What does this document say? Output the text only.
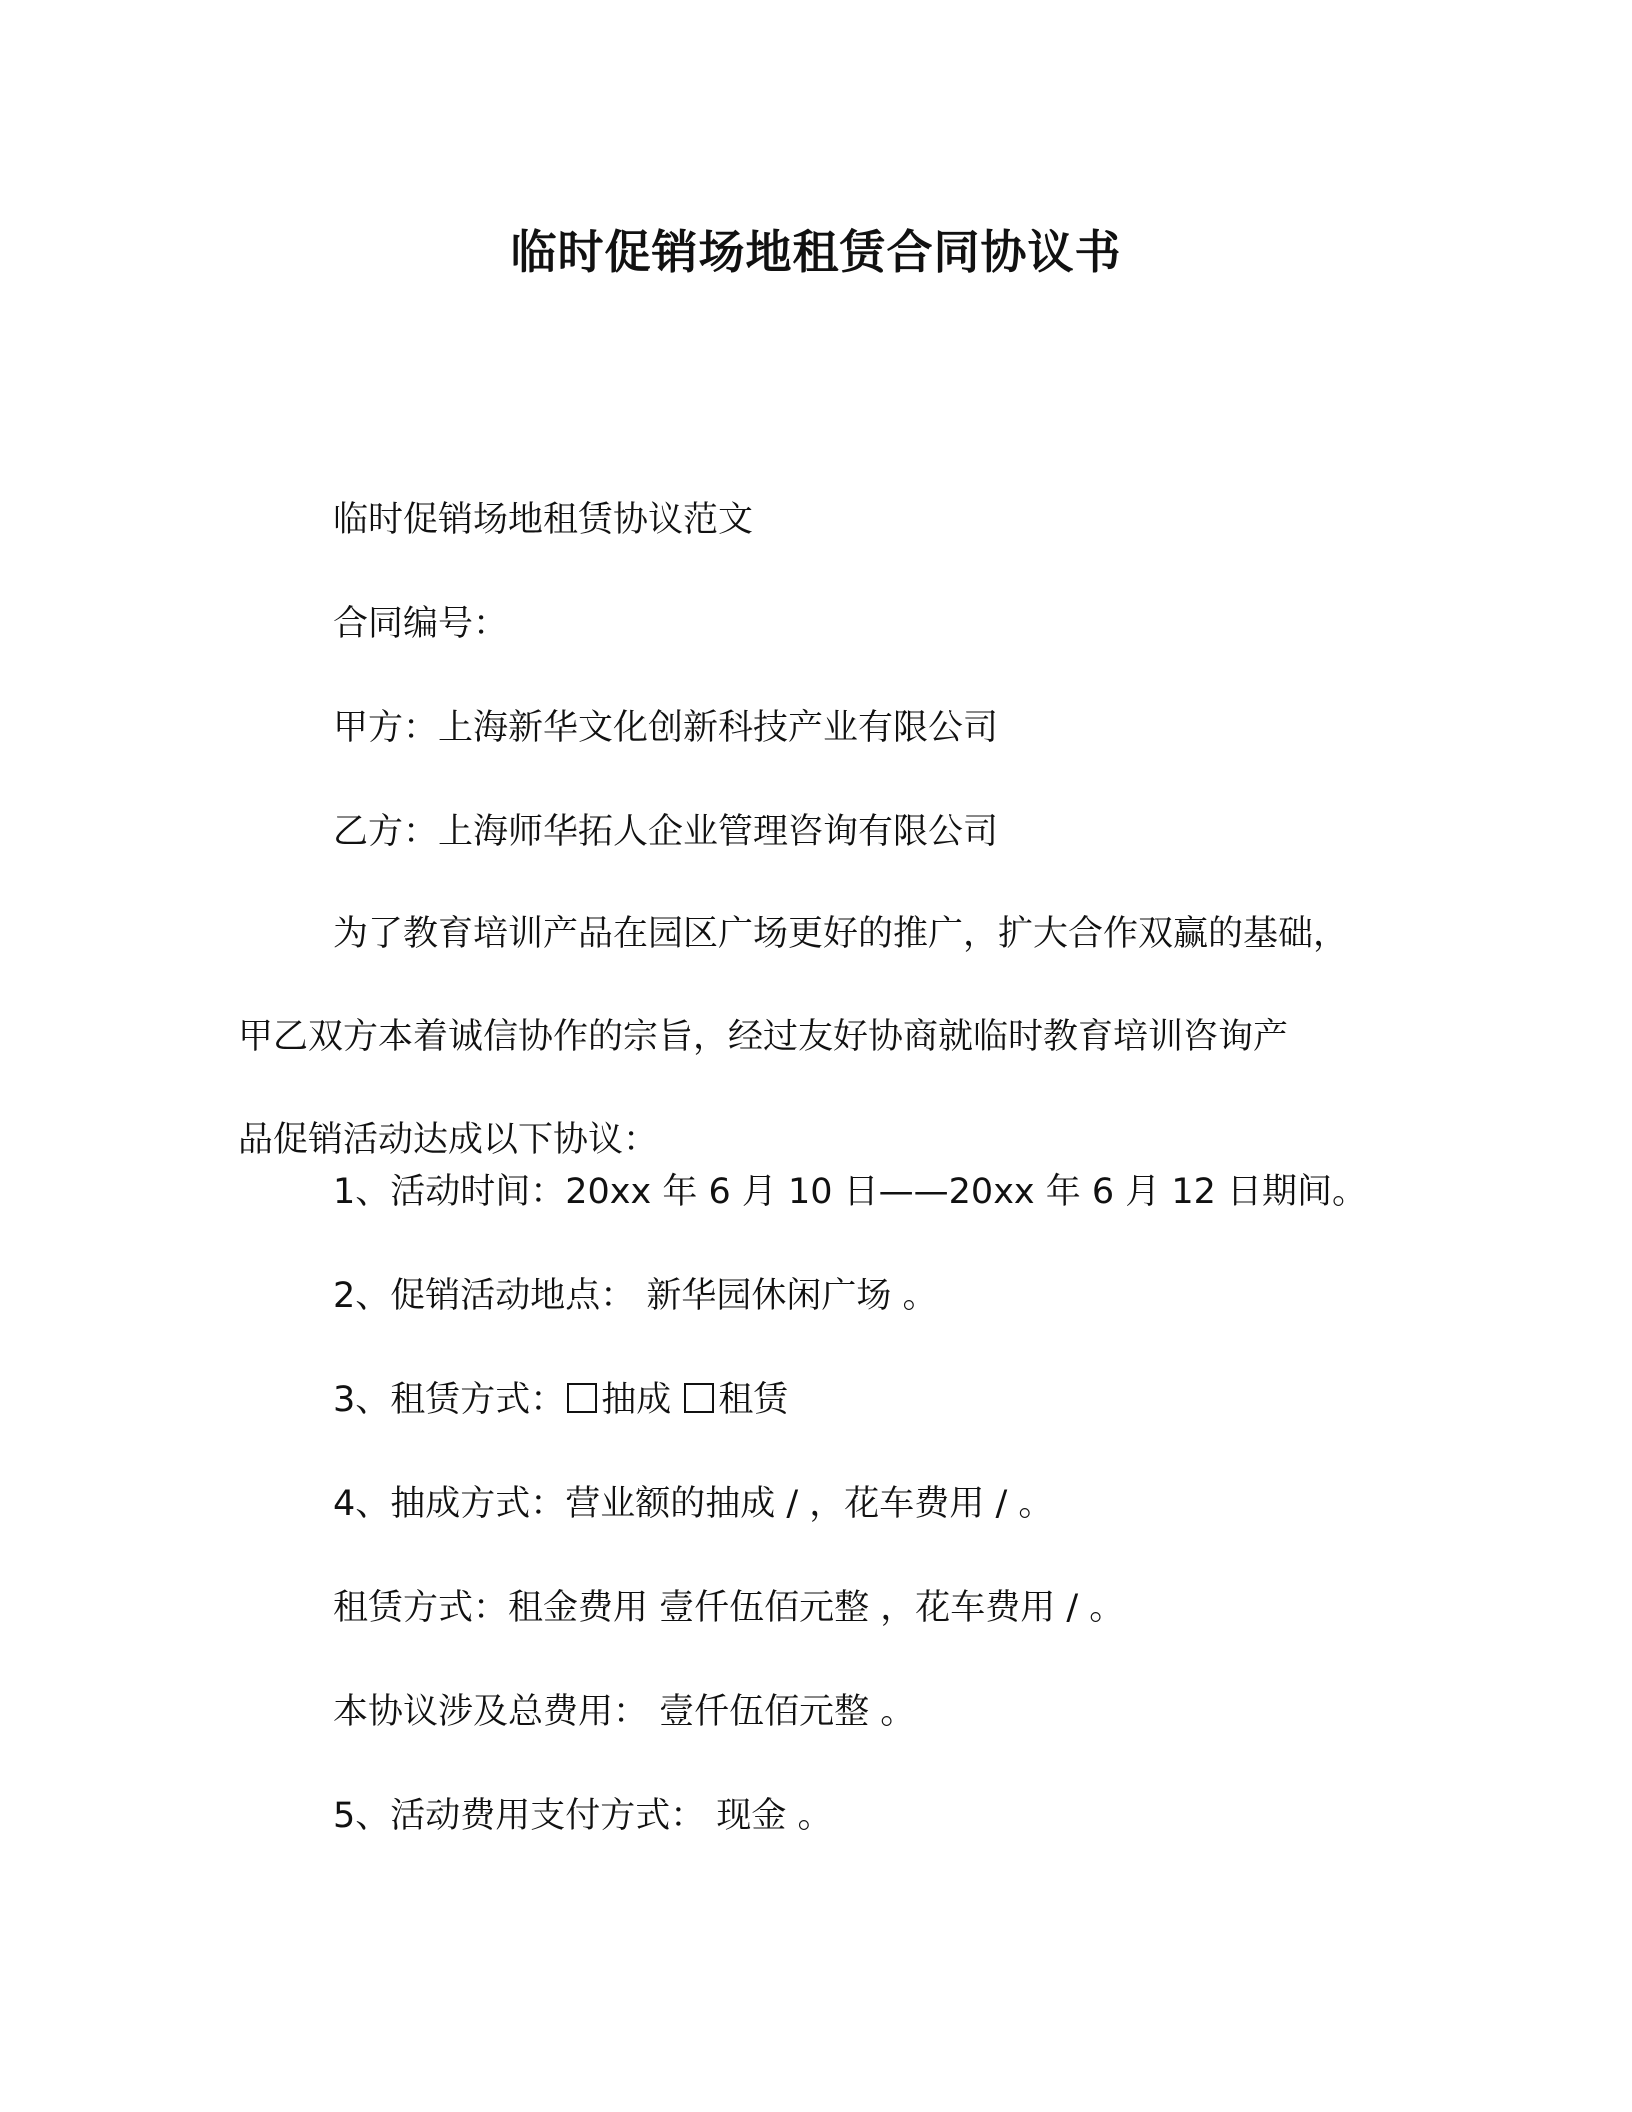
临时促销场地租赁合同协议书
临时促销场地租赁协议范文
合同编号：
甲方：上海新华文化创新科技产业有限公司
乙方：上海师华拓人企业管理咨询有限公司
为了教育培训产品在园区广场更好的推广，扩大合作双赢的基础，
甲乙双方本着诚信协作的宗旨，经过友好协商就临时教育培训咨询产
品促销活动达成以下协议：
1、活动时间：20xx 年 6 月 10 日——20xx 年 6 月 12 日期间。
2、促销活动地点： 新华园休闲广场 。
3、租赁方式： 抽成 租赁
4、抽成方式：营业额的抽成 / ，花车费用 / 。
租赁方式：租金费用 壹仟伍佰元整 ，花车费用 / 。
本协议涉及总费用： 壹仟伍佰元整 。
5、活动费用支付方式： 现金 。
